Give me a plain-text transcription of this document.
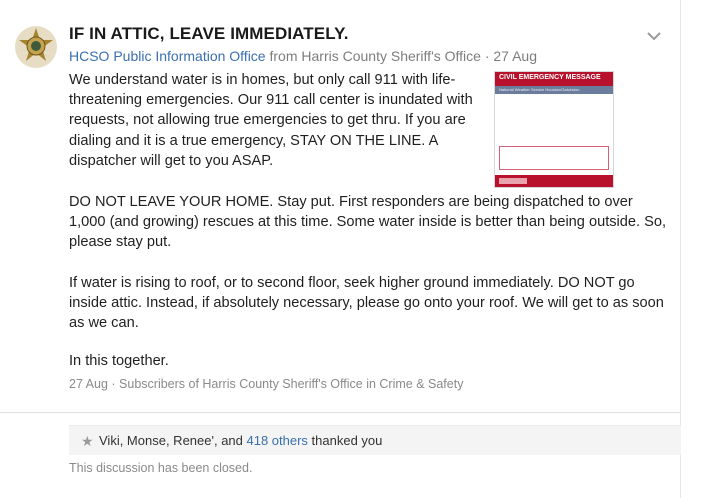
IF IN ATTIC, LEAVE IMMEDIATELY.
HCSO Public Information Office from Harris County Sheriff's Office · 27 Aug

We understand water is in homes, but only call 911 with life-threatening emergencies. Our 911 call center is inundated with requests, not allowing true emergencies to get thru. If you are dialing and it is a true emergency, STAY ON THE LINE. A dispatcher will get to you ASAP.

CIVIL EMERGENCY MESSAGE
National Weather Service Houston/Galveston
DO NOT LEAVE YOUR HOME. Stay put. First responders are being dispatched to over 1,000 (and growing) rescues at this time. Some water inside is better than being outside. So, please stay put.
If water is rising to roof, or to second floor, seek higher ground immediately. DO NOT go inside attic. Instead, if absolutely necessary, please go onto your roof. We will get to as soon as we can.
In this together.
27 Aug · Subscribers of Harris County Sheriff's Office in Crime & Safety
★ Viki, Monse, Renee', and 418 others thanked you
This discussion has been closed.
